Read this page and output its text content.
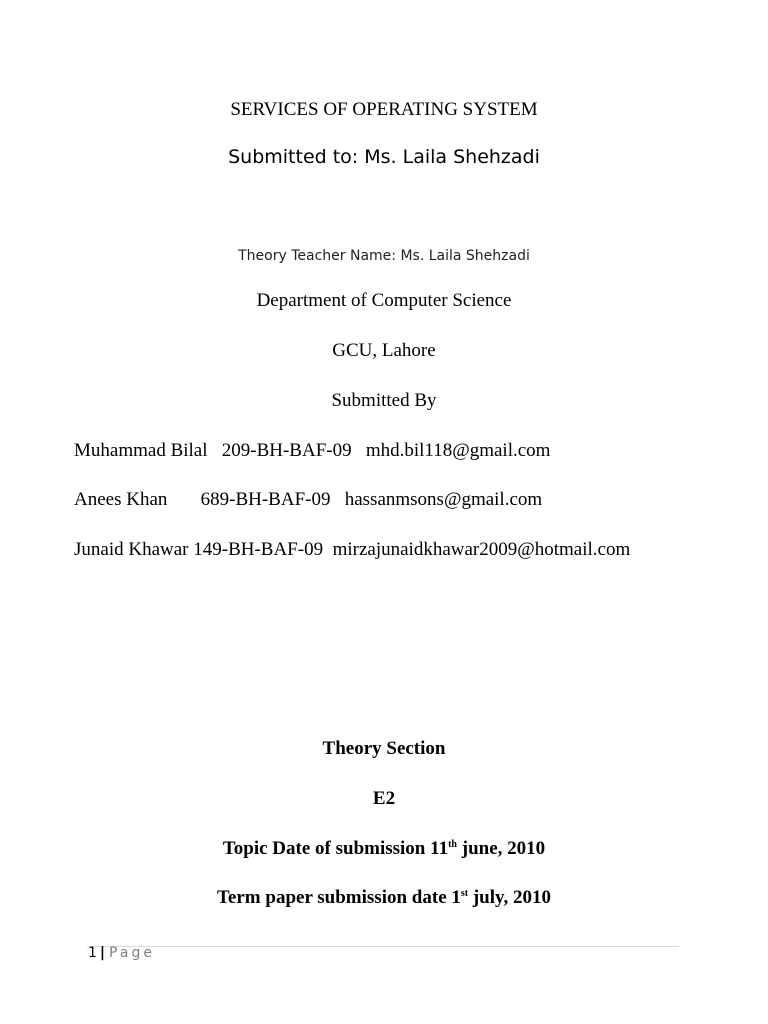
SERVICES OF OPERATING SYSTEM
Submitted to: Ms. Laila Shehzadi
Theory Teacher Name: Ms. Laila Shehzadi
Department of Computer Science
GCU, Lahore
Submitted By
Muhammad Bilal   209-BH-BAF-09   mhd.bil118@gmail.com
Anees Khan       689-BH-BAF-09   hassanmsons@gmail.com
Junaid Khawar 149-BH-BAF-09  mirzajunaidkhawar2009@hotmail.com
Theory Section
E2
Topic Date of submission 11th june, 2010
Term paper submission date 1st july, 2010
1 | Page
